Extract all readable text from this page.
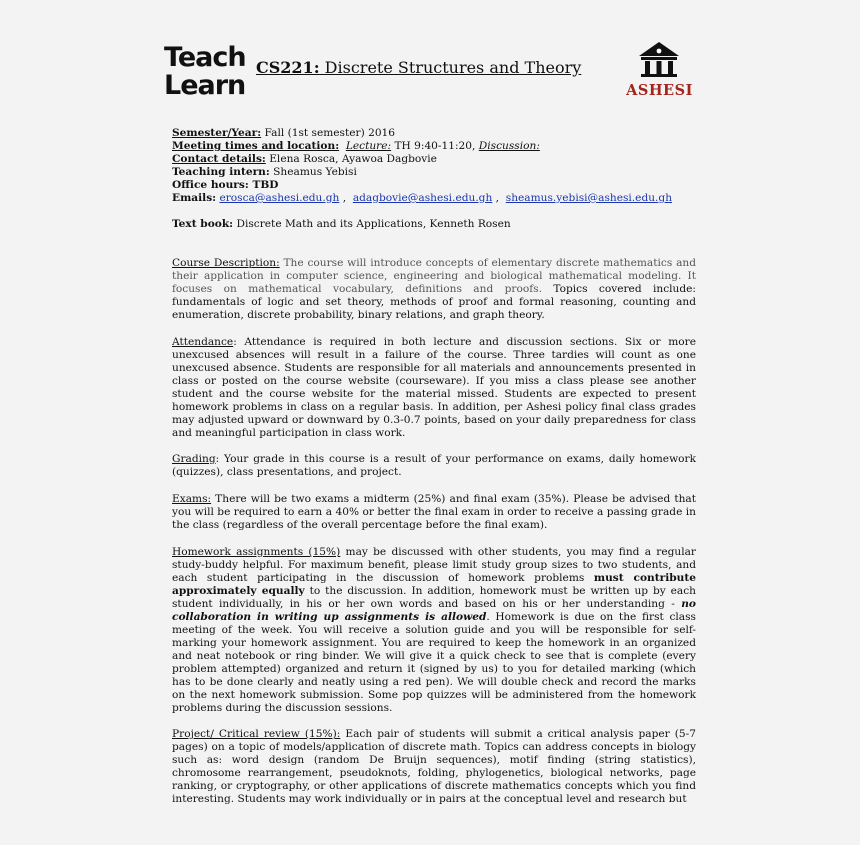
Teach
Learn
CS221: Discrete Structures and Theory
ASHESI

Semester/Year: Fall (1st semester) 2016

Meeting times and location: Lecture: TH 9:40-11:20, Discussion:

Contact details: Elena Rosca, Ayawoa Dagbovie

Teaching intern: Sheamus Yebisi

Office hours: TBD

Emails: erosca@ashesi.edu.gh ,  adagbovie@ashesi.edu.gh ,  sheamus.yebisi@ashesi.edu.gh

Text book: Discrete Math and its Applications, Kenneth Rosen

Course Description: The course will introduce concepts of elementary discrete mathematics and their application in computer science, engineering and biological mathematical modeling. It focuses on mathematical vocabulary, definitions and proofs. Topics covered include: fundamentals of logic and set theory, methods of proof and formal reasoning, counting and enumeration, discrete probability, binary relations, and graph theory.

Attendance: Attendance is required in both lecture and discussion sections. Six or more unexcused absences will result in a failure of the course. Three tardies will count as one unexcused absence. Students are responsible for all materials and announcements presented in class or posted on the course website (courseware). If you miss a class please see another student and the course website for the material missed. Students are expected to present homework problems in class on a regular basis. In addition, per Ashesi policy final class grades may adjusted upward or downward by 0.3-0.7 points, based on your daily preparedness for class and meaningful participation in class work.

Grading: Your grade in this course is a result of your performance on exams, daily homework (quizzes), class presentations, and project.

Exams: There will be two exams a midterm (25%) and final exam (35%). Please be advised that you will be required to earn a 40% or better the final exam in order to receive a passing grade in the class (regardless of the overall percentage before the final exam).

Homework assignments (15%) may be discussed with other students, you may find a regular study-buddy helpful. For maximum benefit, please limit study group sizes to two students, and each student participating in the discussion of homework problems must contribute approximately equally to the discussion. In addition, homework must be written up by each student individually, in his or her own words and based on his or her understanding - no collaboration in writing up assignments is allowed. Homework is due on the first class meeting of the week. You will receive a solution guide and you will be responsible for self-marking your homework assignment. You are required to keep the homework in an organized and neat notebook or ring binder. We will give it a quick check to see that is complete (every problem attempted) organized and return it (signed by us) to you for detailed marking (which has to be done clearly and neatly using a red pen). We will double check and record the marks on the next homework submission. Some pop quizzes will be administered from the homework problems during the discussion sessions.

Project/ Critical review (15%): Each pair of students will submit a critical analysis paper (5-7 pages) on a topic of models/application of discrete math. Topics can address concepts in biology such as: word design (random De Bruijn sequences), motif finding (string statistics), chromosome rearrangement, pseudoknots, folding, phylogenetics, biological networks, page ranking, or cryptography, or other applications of discrete mathematics concepts which you find interesting. Students may work individually or in pairs at the conceptual level and research but
